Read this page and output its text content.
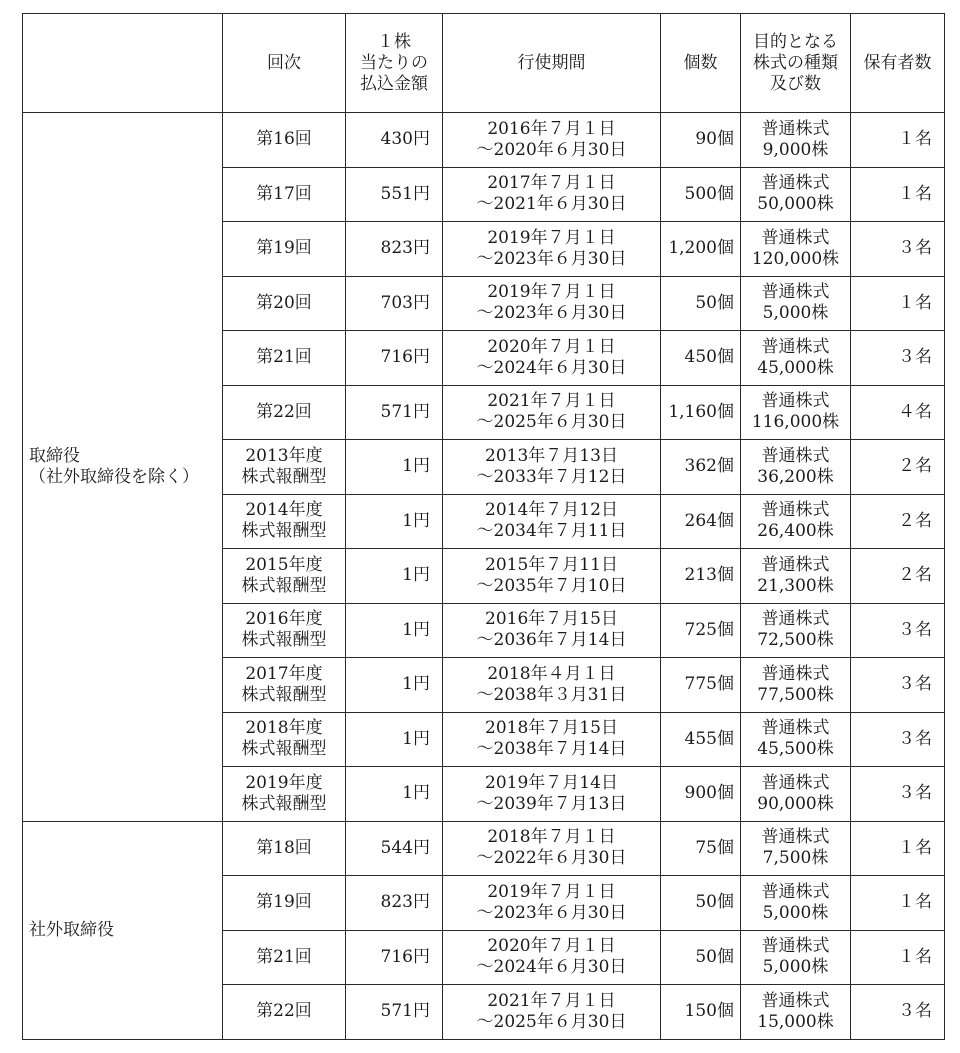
	回次	１株
当たりの
払込金額	行使期間	個数	目的となる
株式の種類
及び数	保有者数

取締役
（社外取締役を除く）	第16回	430円	2016年７月１日
～2020年６月30日	90個	普通株式
9,000株	１名

	第17回	551円	2017年７月１日
～2021年６月30日	500個	普通株式
50,000株	１名

	第19回	823円	2019年７月１日
～2023年６月30日	1,200個	普通株式
120,000株	３名

	第20回	703円	2019年７月１日
～2023年６月30日	50個	普通株式
5,000株	１名

	第21回	716円	2020年７月１日
～2024年６月30日	450個	普通株式
45,000株	３名

	第22回	571円	2021年７月１日
～2025年６月30日	1,160個	普通株式
116,000株	４名

	2013年度
株式報酬型	1円	2013年７月13日
～2033年７月12日	362個	普通株式
36,200株	２名

	2014年度
株式報酬型	1円	2014年７月12日
～2034年７月11日	264個	普通株式
26,400株	２名

	2015年度
株式報酬型	1円	2015年７月11日
～2035年７月10日	213個	普通株式
21,300株	２名

	2016年度
株式報酬型	1円	2016年７月15日
～2036年７月14日	725個	普通株式
72,500株	３名

	2017年度
株式報酬型	1円	2018年４月１日
～2038年３月31日	775個	普通株式
77,500株	３名

	2018年度
株式報酬型	1円	2018年７月15日
～2038年７月14日	455個	普通株式
45,500株	３名

	2019年度
株式報酬型	1円	2019年７月14日
～2039年７月13日	900個	普通株式
90,000株	３名

社外取締役	第18回	544円	2018年７月１日
～2022年６月30日	75個	普通株式
7,500株	１名

	第19回	823円	2019年７月１日
～2023年６月30日	50個	普通株式
5,000株	１名

	第21回	716円	2020年７月１日
～2024年６月30日	50個	普通株式
5,000株	１名

	第22回	571円	2021年７月１日
～2025年６月30日	150個	普通株式
15,000株	３名
